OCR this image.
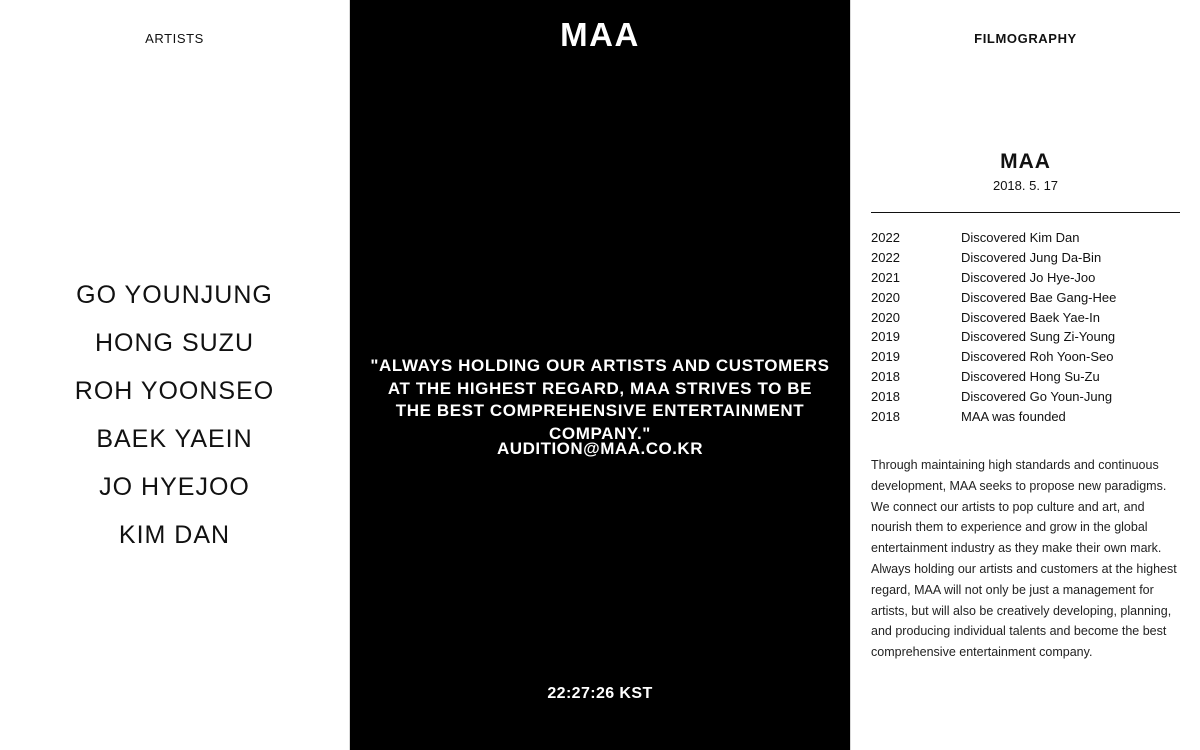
ARTISTS
GO YOUNJUNG
HONG SUZU
ROH YOONSEO
BAEK YAEIN
JO HYEJOO
KIM DAN
MAA

"ALWAYS HOLDING OUR ARTISTS AND CUSTOMERS AT THE HIGHEST REGARD, MAA STRIVES TO BE THE BEST COMPREHENSIVE ENTERTAINMENT COMPANY."

AUDITION@MAA.CO.KR
22:27:26 KST
FILMOGRAPHY
MAA
2018. 5. 17
2022	Discovered Kim Dan
2022	Discovered Jung Da-Bin
2021	Discovered Jo Hye-Joo
2020	Discovered Bae Gang-Hee
2020	Discovered Baek Yae-In
2019	Discovered Sung Zi-Young
2019	Discovered Roh Yoon-Seo
2018	Discovered Hong Su-Zu
2018	Discovered Go Youn-Jung
2018	MAA was founded

Through maintaining high standards and continuous development, MAA seeks to propose new paradigms. We connect our artists to pop culture and art, and nourish them to experience and grow in the global entertainment industry as they make their own mark. Always holding our artists and customers at the highest regard, MAA will not only be just a management for artists, but will also be creatively developing, planning, and producing individual talents and become the best comprehensive entertainment company.
